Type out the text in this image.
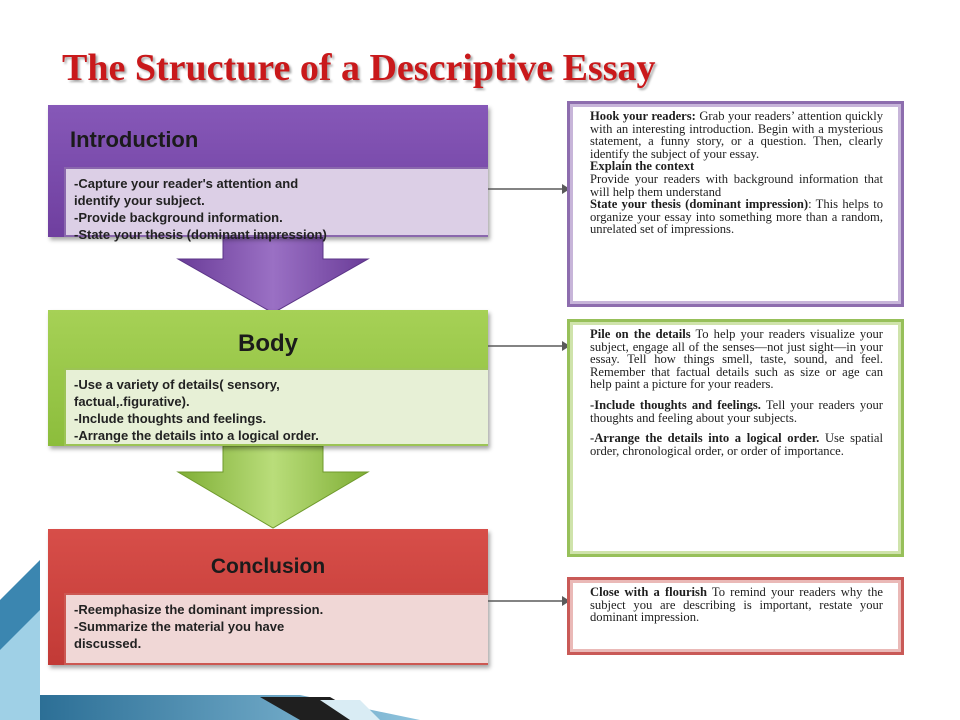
The Structure of a Descriptive Essay
Introduction
-Capture your reader's attention and
identify your subject.
-Provide background information.
-State your thesis (dominant impression)
Body
-Use a variety of details( sensory,
factual,.figurative).
-Include thoughts and feelings.
-Arrange the details into a logical order.
Conclusion
-Reemphasize the dominant impression.
-Summarize the material you have
discussed.

Hook your readers: Grab your readers’ attention quickly with an interesting introduction. Begin with a mysterious statement, a funny story, or a question. Then, clearly identify the subject of your essay.

Explain the context

Provide your readers with background information that will help them understand

State your thesis (dominant impression): This helps to organize your essay into something more than a random, unrelated set of impressions.

Pile on the details To help your readers visualize your subject, engage all of the senses—not just sight—in your essay. Tell how things smell, taste, sound, and feel. Remember that factual details such as size or age can help paint a picture for your readers.

-Include thoughts and feelings. Tell your readers your thoughts and feeling about your subjects.

-Arrange the details into a logical order. Use spatial order, chronological order, or order of importance.

Close with a flourish To remind your readers why the subject you are describing is important, restate your dominant impression.
